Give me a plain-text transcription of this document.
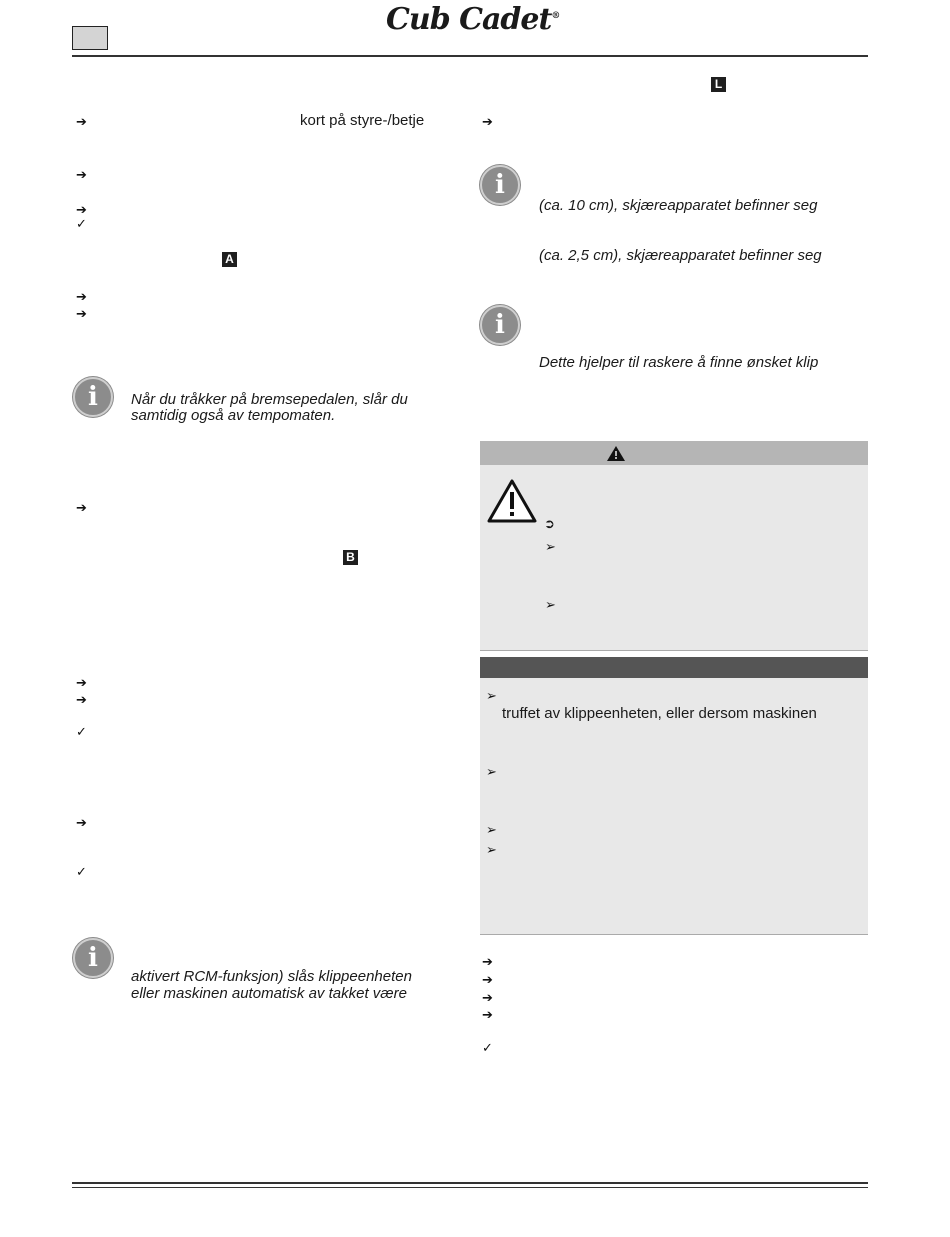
Cub Cadet®
➔	kort på styre-/betje
➔
➔
✓
A
➔
➔
i	Når du tråkker på bremsepedalen, slår du
samtidig også av tempomaten.
➔
B
➔
➔
✓
➔
✓
i
aktivert RCM-funksjon) slås klippeenheten
eller maskinen automatisk av takket være
L
➔
i
(ca. 10 cm), skjæreapparatet befinner seg
(ca. 2,5 cm), skjæreapparatet befinner seg
i
Dette hjelper til raskere å finne ønsket klip
➲
➢
➢
➢
truffet av klippeenheten, eller dersom maskinen
➢
➢
➢
➔
➔
➔
➔
✓
